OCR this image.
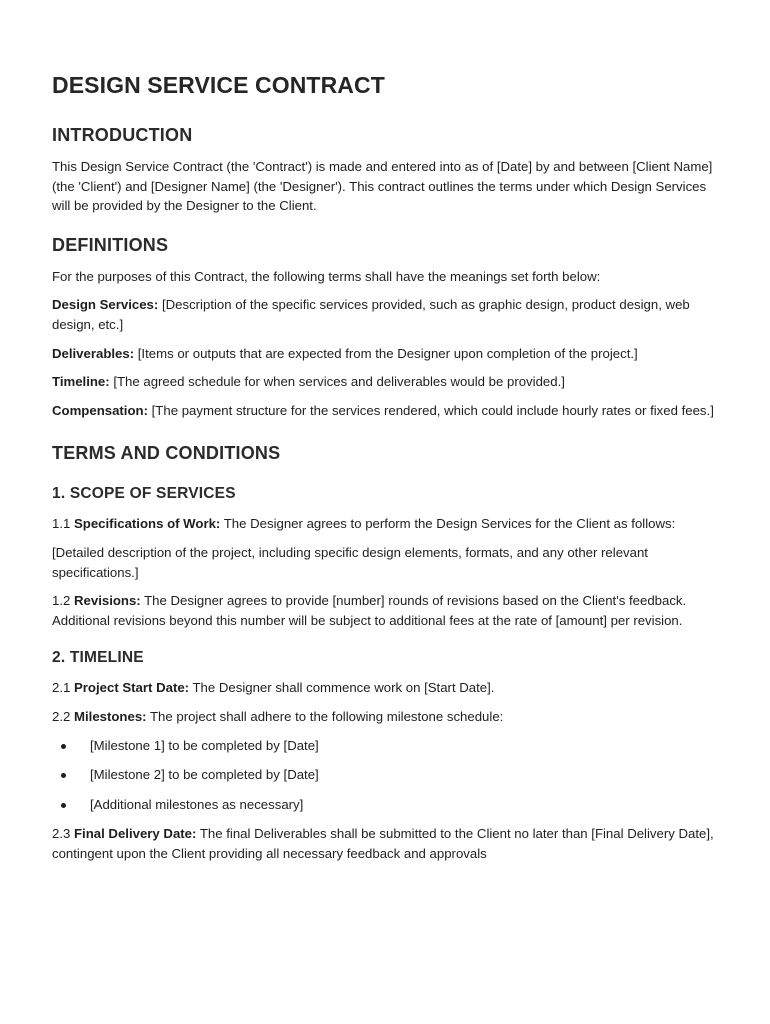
DESIGN SERVICE CONTRACT
INTRODUCTION

This Design Service Contract (the 'Contract') is made and entered into as of [Date] by and between [Client Name] (the 'Client') and [Designer Name] (the 'Designer'). This contract outlines the terms under which Design Services will be provided by the Designer to the Client.

DEFINITIONS

For the purposes of this Contract, the following terms shall have the meanings set forth below:

Design Services: [Description of the specific services provided, such as graphic design, product design, web design, etc.]

Deliverables: [Items or outputs that are expected from the Designer upon completion of the project.]

Timeline: [The agreed schedule for when services and deliverables would be provided.]

Compensation: [The payment structure for the services rendered, which could include hourly rates or fixed fees.]

TERMS AND CONDITIONS
1. SCOPE OF SERVICES

1.1 Specifications of Work: The Designer agrees to perform the Design Services for the Client as follows:

[Detailed description of the project, including specific design elements, formats, and any other relevant specifications.]

1.2 Revisions: The Designer agrees to provide [number] rounds of revisions based on the Client's feedback. Additional revisions beyond this number will be subject to additional fees at the rate of [amount] per revision.

2. TIMELINE

2.1 Project Start Date: The Designer shall commence work on [Start Date].

2.2 Milestones: The project shall adhere to the following milestone schedule:

[Milestone 1] to be completed by [Date]
[Milestone 2] to be completed by [Date]
[Additional milestones as necessary]

2.3 Final Delivery Date: The final Deliverables shall be submitted to the Client no later than [Final Delivery Date], contingent upon the Client providing all necessary feedback and approvals
